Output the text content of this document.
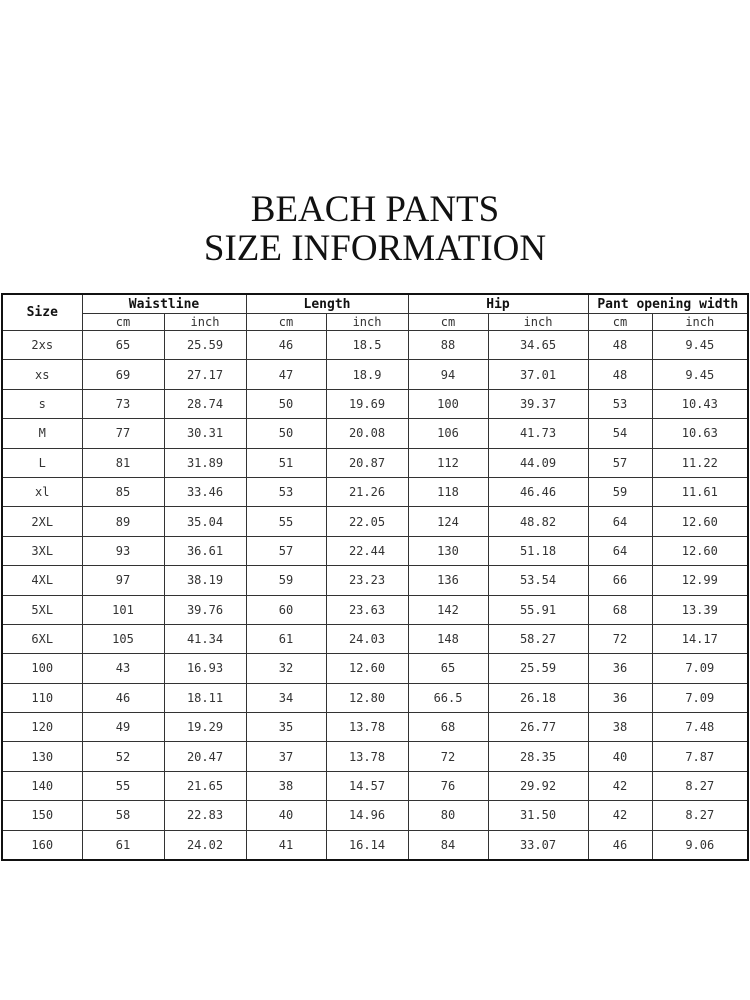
BEACH PANTS
SIZE INFORMATION
Size	Waistline		Length		Hip		Pant opening width	
	cm	inch	cm	inch	cm	inch	cm	inch
2xs	65	25.59	46	18.5	88	34.65	48	9.45
xs	69	27.17	47	18.9	94	37.01	48	9.45
s	73	28.74	50	19.69	100	39.37	53	10.43
M	77	30.31	50	20.08	106	41.73	54	10.63
L	81	31.89	51	20.87	112	44.09	57	11.22
xl	85	33.46	53	21.26	118	46.46	59	11.61
2XL	89	35.04	55	22.05	124	48.82	64	12.60
3XL	93	36.61	57	22.44	130	51.18	64	12.60
4XL	97	38.19	59	23.23	136	53.54	66	12.99
5XL	101	39.76	60	23.63	142	55.91	68	13.39
6XL	105	41.34	61	24.03	148	58.27	72	14.17
100	43	16.93	32	12.60	65	25.59	36	7.09
110	46	18.11	34	12.80	66.5	26.18	36	7.09
120	49	19.29	35	13.78	68	26.77	38	7.48
130	52	20.47	37	13.78	72	28.35	40	7.87
140	55	21.65	38	14.57	76	29.92	42	8.27
150	58	22.83	40	14.96	80	31.50	42	8.27
160	61	24.02	41	16.14	84	33.07	46	9.06
